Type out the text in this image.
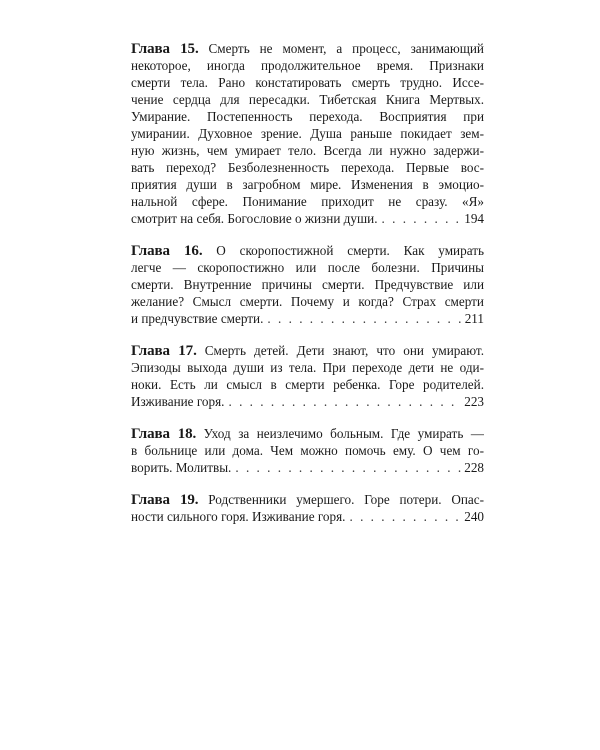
Глава 15. Смерть не момент, а процесс, занимающий
некоторое, иногда продолжительное время. Признаки
смерти тела. Рано констатировать смерть трудно. Иссе-
чение сердца для пересадки. Тибетская Книга Мертвых.
Умирание. Постепенность перехода. Восприятия при
умирании. Духовное зрение. Душа раньше покидает зем-
ную жизнь, чем умирает тело. Всегда ли нужно задержи-
вать переход? Безболезненность перехода. Первые вос-
приятия души в загробном мире. Изменения в эмоцио-
нальной сфере. Понимание приходит не сразу. «Я»
смотрит на себя. Богословие о жизни души. . . .	194
Глава 16. О скоропостижной смерти. Как умирать
легче — скоропостижно или после болезни. Причины
смерти. Внутренние причины смерти. Предчувствие или
желание? Смысл смерти. Почему и когда? Страх смерти
и предчувствие смерти. . . .	211
Глава 17. Смерть детей. Дети знают, что они умирают.
Эпизоды выхода души из тела. При переходе дети не оди-
ноки. Есть ли смысл в смерти ребенка. Горе родителей.
Изживание горя. . . .	223
Глава 18. Уход за неизлечимо больным. Где умирать —
в больнице или дома. Чем можно помочь ему. О чем го-
ворить. Молитвы. . . .	228
Глава 19. Родственники умершего. Горе потери. Опас-
ности сильного горя. Изживание горя. . . .	240
